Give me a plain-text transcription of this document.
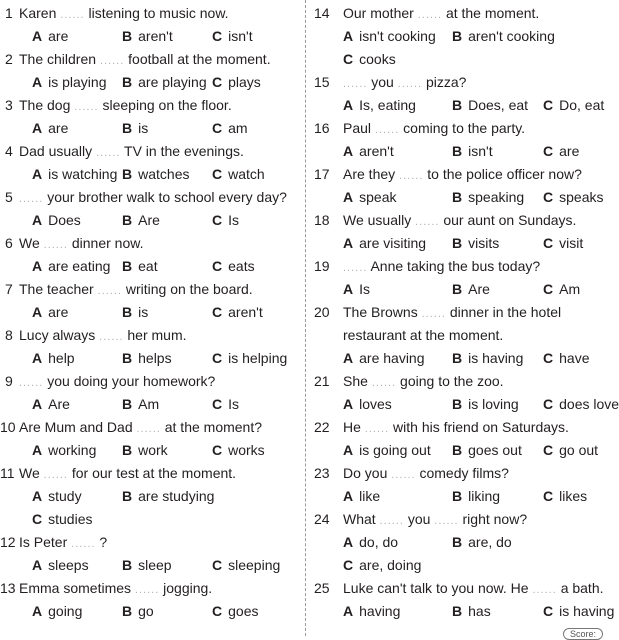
1 Karen ...... listening to music now.
A are	B aren't	C isn't
2 The children ...... football at the moment.
A is playing B are playing C plays
3 The dog ...... sleeping on the floor.
A are	B is	C am
4 Dad usually ...... TV in the evenings.
A is watching B watches C watch
5 ...... your brother walk to school every day?
A Does	B Are	C Is
6 We ...... dinner now.
A are eating B eat	C eats
7 The teacher ...... writing on the board.
A are	B is	C aren't
8 Lucy always ...... her mum.
A help	B helps	C is helping
9 ...... you doing your homework?
A Are	B Am	C Is
10 Are Mum and Dad ...... at the moment?
A working B work	C works
11 We ...... for our test at the moment.
A study	B are studying
C studies
12 Is Peter ...... ?
A sleeps B sleep	C sleeping
13 Emma sometimes ...... jogging.
A going	B go	C goes
14 Our mother ...... at the moment.
A isn't cooking B aren't cooking
C cooks
15 ...... you ...... pizza?
A Is, eating	B Does, eat C Do, eat
16 Paul ...... coming to the party.
A aren't	B isn't	C are
17 Are they ...... to the police officer now?
A speak	B speaking C speaks
18 We usually ...... our aunt on Sundays.
A are visiting B visits	C visit
19 ...... Anne taking the bus today?
A Is	B Are	C Am
20 The Browns ...... dinner in the hotel
restaurant at the moment.
A are having B is having C have
21 She ...... going to the zoo.
A loves	B is loving C does love
22 He ...... with his friend on Saturdays.
A is going out B goes out C go out
23 Do you ...... comedy films?
A like	B liking	C likes
24 What ...... you ...... right now?
A do, do	B are, do
C are, doing
25 Luke can't talk to you now. He ...... a bath.
A having	B has	C is having
Score:
